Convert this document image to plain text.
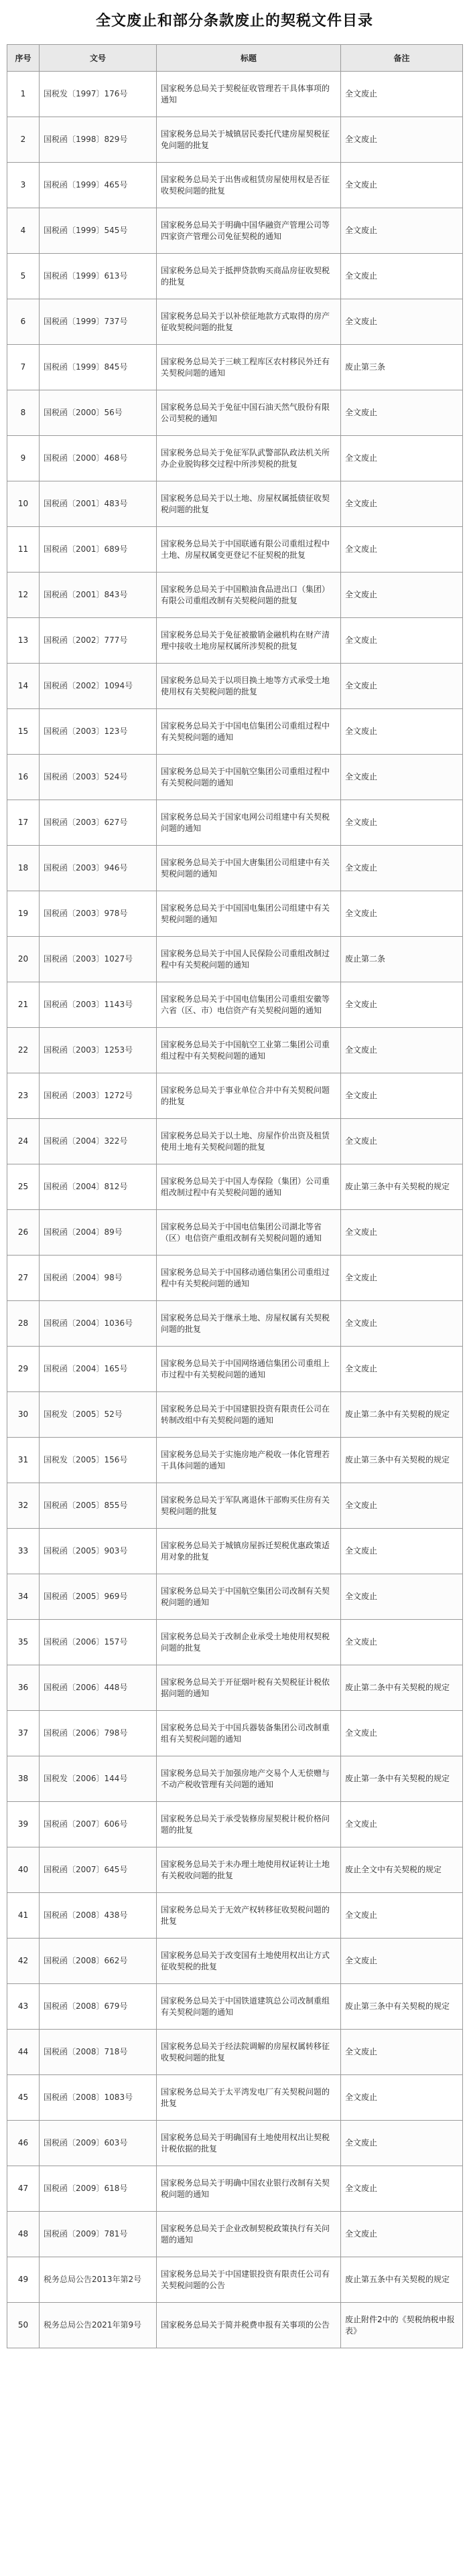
全文废止和部分条款废止的契税文件目录
序号	文号	标题	备注
1	国税发〔1997〕176号	国家税务总局关于契税征收管理若干具体事项的通知	全文废止
2	国税函〔1998〕829号	国家税务总局关于城镇居民委托代建房屋契税征免问题的批复	全文废止
3	国税函〔1999〕465号	国家税务总局关于出售或租赁房屋使用权是否征收契税问题的批复	全文废止
4	国税函〔1999〕545号	国家税务总局关于明确中国华融资产管理公司等四家资产管理公司免征契税的通知	全文废止
5	国税函〔1999〕613号	国家税务总局关于抵押贷款购买商品房征收契税的批复	全文废止
6	国税函〔1999〕737号	国家税务总局关于以补偿征地款方式取得的房产征收契税问题的批复	全文废止
7	国税函〔1999〕845号	国家税务总局关于三峡工程库区农村移民外迁有关契税问题的通知	废止第三条
8	国税函〔2000〕56号	国家税务总局关于免征中国石油天然气股份有限公司契税的通知	全文废止
9	国税函〔2000〕468号	国家税务总局关于免征军队武警部队政法机关所办企业脱钩移交过程中所涉契税的批复	全文废止
10	国税函〔2001〕483号	国家税务总局关于以土地、房屋权属抵债征收契税问题的批复	全文废止
11	国税函〔2001〕689号	国家税务总局关于中国联通有限公司重组过程中土地、房屋权属变更登记不征契税的批复	全文废止
12	国税函〔2001〕843号	国家税务总局关于中国粮油食品进出口（集团）有限公司重组改制有关契税问题的批复	全文废止
13	国税函〔2002〕777号	国家税务总局关于免征被撤销金融机构在财产清理中接收土地房屋权属所涉契税的批复	全文废止
14	国税函〔2002〕1094号	国家税务总局关于以项目换土地等方式承受土地使用权有关契税问题的批复	全文废止
15	国税函〔2003〕123号	国家税务总局关于中国电信集团公司重组过程中有关契税问题的通知	全文废止
16	国税函〔2003〕524号	国家税务总局关于中国航空集团公司重组过程中有关契税问题的通知	全文废止
17	国税函〔2003〕627号	国家税务总局关于国家电网公司组建中有关契税问题的通知	全文废止
18	国税函〔2003〕946号	国家税务总局关于中国大唐集团公司组建中有关契税问题的通知	全文废止
19	国税函〔2003〕978号	国家税务总局关于中国国电集团公司组建中有关契税问题的通知	全文废止
20	国税函〔2003〕1027号	国家税务总局关于中国人民保险公司重组改制过程中有关契税问题的通知	废止第二条
21	国税函〔2003〕1143号	国家税务总局关于中国电信集团公司重组安徽等六省（区、市）电信资产有关契税问题的通知	全文废止
22	国税函〔2003〕1253号	国家税务总局关于中国航空工业第二集团公司重组过程中有关契税问题的通知	全文废止
23	国税函〔2003〕1272号	国家税务总局关于事业单位合并中有关契税问题的批复	全文废止
24	国税函〔2004〕322号	国家税务总局关于以土地、房屋作价出资及租赁使用土地有关契税问题的批复	全文废止
25	国税函〔2004〕812号	国家税务总局关于中国人寿保险（集团）公司重组改制过程中有关契税问题的通知	废止第三条中有关契税的规定
26	国税函〔2004〕89号	国家税务总局关于中国电信集团公司湖北等省（区）电信资产重组改制有关契税问题的通知	全文废止
27	国税函〔2004〕98号	国家税务总局关于中国移动通信集团公司重组过程中有关契税问题的通知	全文废止
28	国税函〔2004〕1036号	国家税务总局关于继承土地、房屋权属有关契税问题的批复	全文废止
29	国税函〔2004〕165号	国家税务总局关于中国网络通信集团公司重组上市过程中有关契税问题的通知	全文废止
30	国税发〔2005〕52号	国家税务总局关于中国建银投资有限责任公司在转制改组中有关契税问题的通知	废止第二条中有关契税的规定
31	国税发〔2005〕156号	国家税务总局关于实施房地产税收一体化管理若干具体问题的通知	废止第三条中有关契税的规定
32	国税函〔2005〕855号	国家税务总局关于军队离退休干部购买住房有关契税问题的批复	全文废止
33	国税函〔2005〕903号	国家税务总局关于城镇房屋拆迁契税优惠政策适用对象的批复	全文废止
34	国税函〔2005〕969号	国家税务总局关于中国航空集团公司改制有关契税问题的通知	全文废止
35	国税函〔2006〕157号	国家税务总局关于改制企业承受土地使用权契税问题的批复	全文废止
36	国税函〔2006〕448号	国家税务总局关于开征烟叶税有关契税征计税依据问题的通知	废止第二条中有关契税的规定
37	国税函〔2006〕798号	国家税务总局关于中国兵器装备集团公司改制重组有关契税问题的通知	全文废止
38	国税发〔2006〕144号	国家税务总局关于加强房地产交易个人无偿赠与不动产税收管理有关问题的通知	废止第一条中有关契税的规定
39	国税函〔2007〕606号	国家税务总局关于承受装修房屋契税计税价格问题的批复	全文废止
40	国税函〔2007〕645号	国家税务总局关于未办理土地使用权证转让土地有关税收问题的批复	废止全文中有关契税的规定
41	国税函〔2008〕438号	国家税务总局关于无效产权转移征收契税问题的批复	全文废止
42	国税函〔2008〕662号	国家税务总局关于改变国有土地使用权出让方式征收契税的批复	全文废止
43	国税函〔2008〕679号	国家税务总局关于中国铁道建筑总公司改制重组有关契税问题的通知	废止第三条中有关契税的规定
44	国税函〔2008〕718号	国家税务总局关于经法院调解的房屋权属转移征收契税问题的批复	全文废止
45	国税函〔2008〕1083号	国家税务总局关于太平湾发电厂有关契税问题的批复	全文废止
46	国税函〔2009〕603号	国家税务总局关于明确国有土地使用权出让契税计税依据的批复	全文废止
47	国税函〔2009〕618号	国家税务总局关于明确中国农业银行改制有关契税问题的通知	全文废止
48	国税函〔2009〕781号	国家税务总局关于企业改制契税政策执行有关问题的通知	全文废止
49	税务总局公告2013年第2号	国家税务总局关于中国建银投资有限责任公司有关契税问题的公告	废止第五条中有关契税的规定
50	税务总局公告2021年第9号	国家税务总局关于简并税费申报有关事项的公告	废止附件2中的《契税纳税申报表》
